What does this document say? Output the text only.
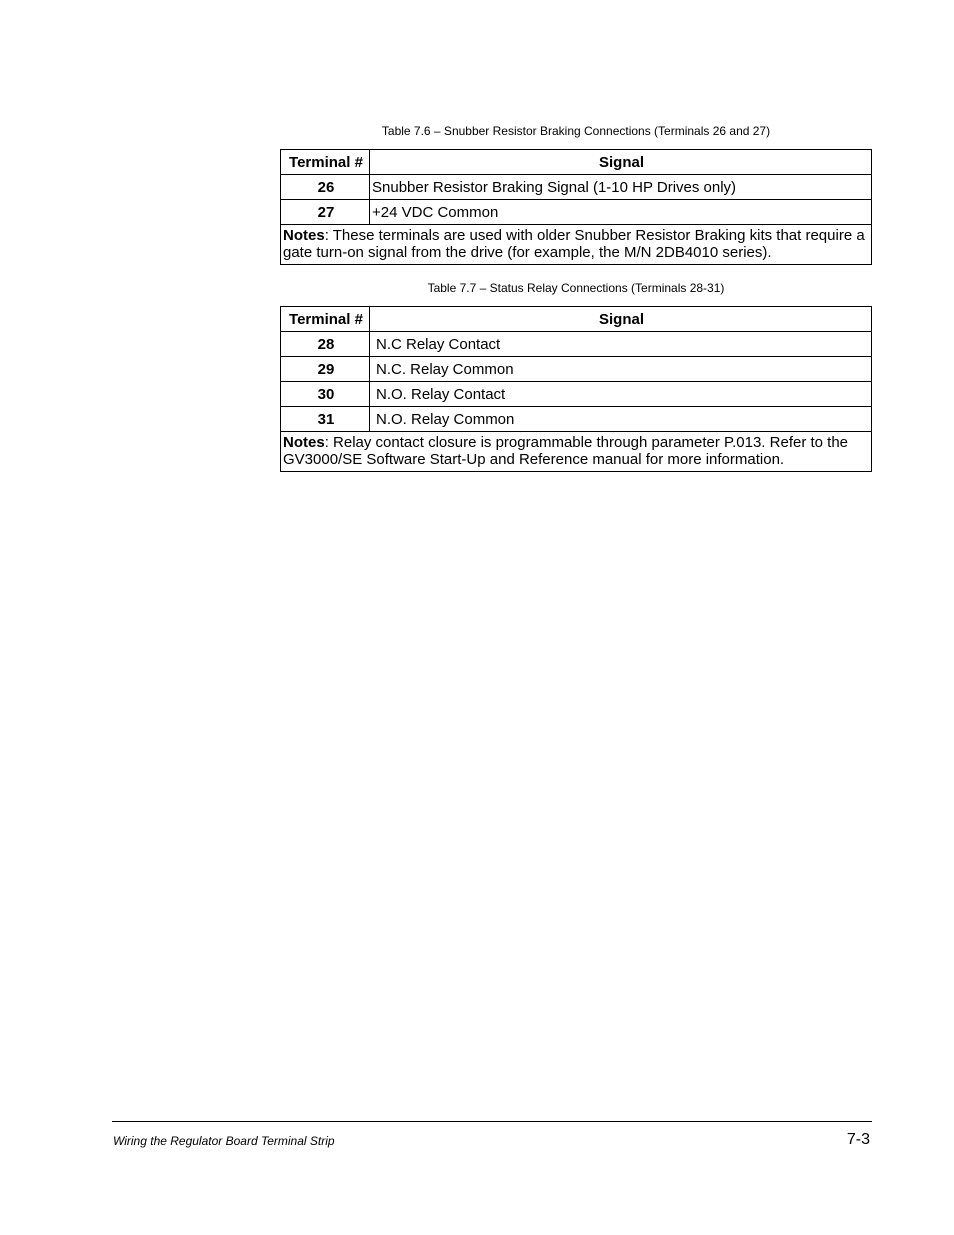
Table 7.6 – Snubber Resistor Braking Connections (Terminals 26 and 27)
Terminal #	Signal
26	Snubber Resistor Braking Signal (1-10 HP Drives only)
27	+24 VDC Common
Notes: These terminals are used with older Snubber Resistor Braking kits that require a gate turn-on signal from the drive (for example, the M/N 2DB4010 series).	
Table 7.7 – Status Relay Connections (Terminals 28-31)
Terminal #	Signal
28	N.C Relay Contact
29	N.C. Relay Common
30	N.O. Relay Contact
31	N.O. Relay Common
Notes: Relay contact closure is programmable through parameter P.013. Refer to the GV3000/SE Software Start-Up and Reference manual for more information.	
Wiring the Regulator Board Terminal Strip	7-3
